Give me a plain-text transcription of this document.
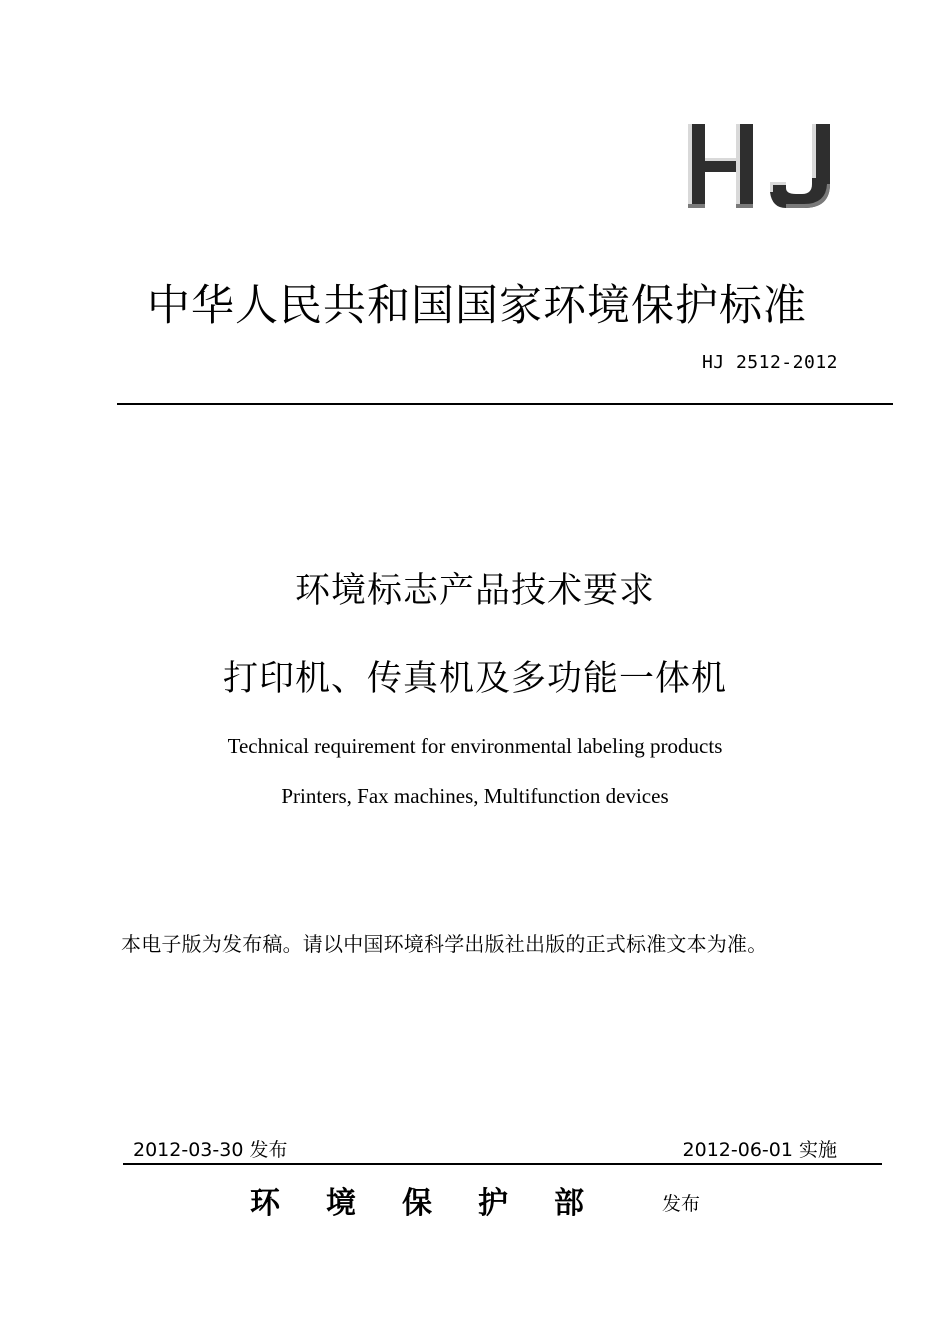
中华人民共和国国家环境保护标准
HJ 2512-2012
环境标志产品技术要求
打印机、传真机及多功能一体机
Technical requirement for environmental labeling products
Printers, Fax machines, Multifunction devices
本电子版为发布稿。请以中国环境科学出版社出版的正式标准文本为准。
2012-03-30 发布	2012-06-01 实施
环境保护部 发布
